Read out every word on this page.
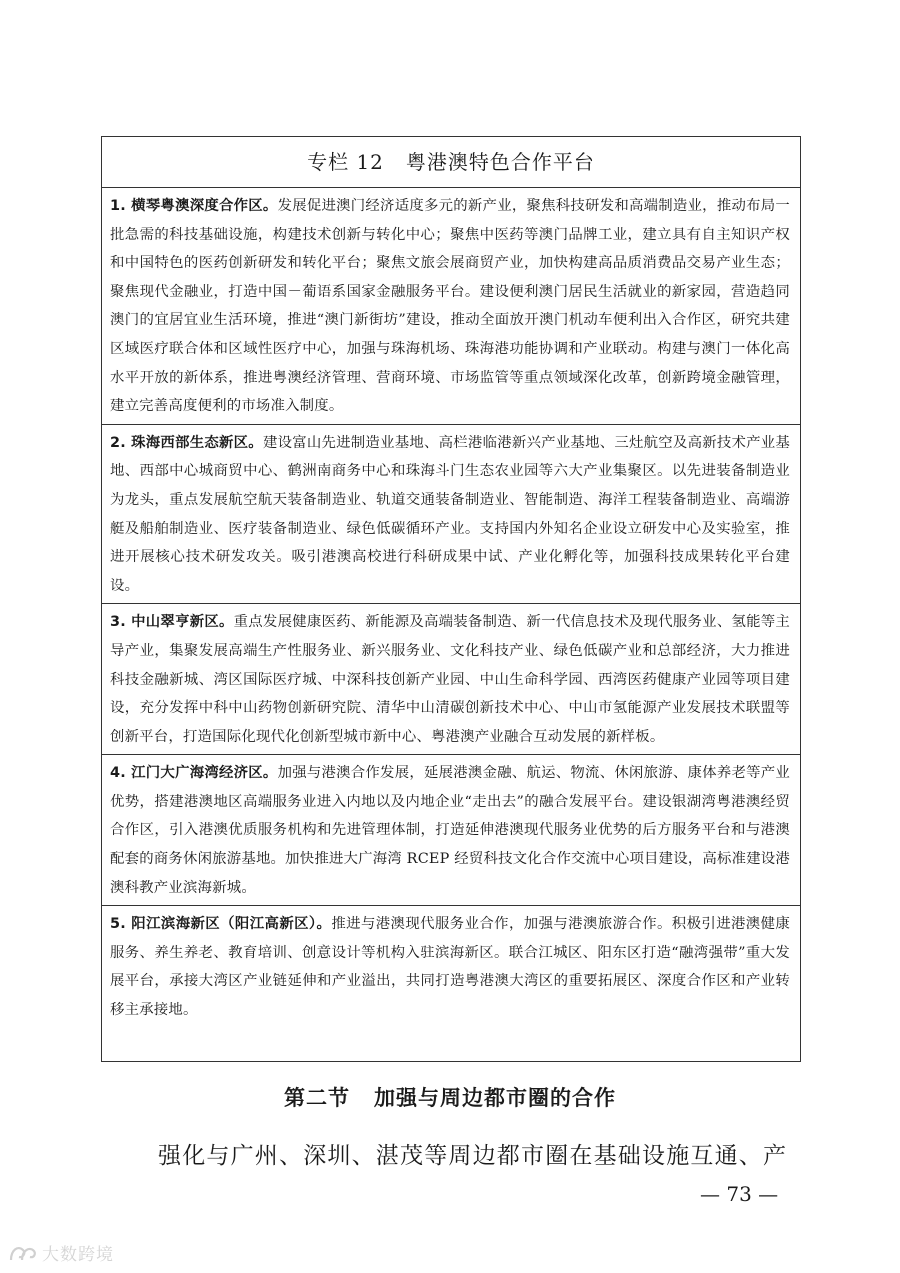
专栏 12 粤港澳特色合作平台
1. 横琴粤澳深度合作区。发展促进澳门经济适度多元的新产业，聚焦科技研发和高端制造业，推动布局一批急需的科技基础设施，构建技术创新与转化中心；聚焦中医药等澳门品牌工业，建立具有自主知识产权和中国特色的医药创新研发和转化平台；聚焦文旅会展商贸产业，加快构建高品质消费品交易产业生态；聚焦现代金融业，打造中国－葡语系国家金融服务平台。建设便利澳门居民生活就业的新家园，营造趋同澳门的宜居宜业生活环境，推进“澳门新街坊”建设，推动全面放开澳门机动车便利出入合作区，研究共建区域医疗联合体和区域性医疗中心，加强与珠海机场、珠海港功能协调和产业联动。构建与澳门一体化高水平开放的新体系，推进粤澳经济管理、营商环境、市场监管等重点领域深化改革，创新跨境金融管理，建立完善高度便利的市场准入制度。
2. 珠海西部生态新区。建设富山先进制造业基地、高栏港临港新兴产业基地、三灶航空及高新技术产业基地、西部中心城商贸中心、鹤洲南商务中心和珠海斗门生态农业园等六大产业集聚区。以先进装备制造业为龙头，重点发展航空航天装备制造业、轨道交通装备制造业、智能制造、海洋工程装备制造业、高端游艇及船舶制造业、医疗装备制造业、绿色低碳循环产业。支持国内外知名企业设立研发中心及实验室，推进开展核心技术研发攻关。吸引港澳高校进行科研成果中试、产业化孵化等，加强科技成果转化平台建设。
3. 中山翠亨新区。重点发展健康医药、新能源及高端装备制造、新一代信息技术及现代服务业、氢能等主导产业，集聚发展高端生产性服务业、新兴服务业、文化科技产业、绿色低碳产业和总部经济，大力推进科技金融新城、湾区国际医疗城、中深科技创新产业园、中山生命科学园、西湾医药健康产业园等项目建设，充分发挥中科中山药物创新研究院、清华中山清碳创新技术中心、中山市氢能源产业发展技术联盟等创新平台，打造国际化现代化创新型城市新中心、粤港澳产业融合互动发展的新样板。
4. 江门大广海湾经济区。加强与港澳合作发展，延展港澳金融、航运、物流、休闲旅游、康体养老等产业优势，搭建港澳地区高端服务业进入内地以及内地企业“走出去”的融合发展平台。建设银湖湾粤港澳经贸合作区，引入港澳优质服务机构和先进管理体制，打造延伸港澳现代服务业优势的后方服务平台和与港澳配套的商务休闲旅游基地。加快推进大广海湾 RCEP 经贸科技文化合作交流中心项目建设，高标准建设港澳科教产业滨海新城。
5. 阳江滨海新区（阳江高新区）。推进与港澳现代服务业合作，加强与港澳旅游合作。积极引进港澳健康服务、养生养老、教育培训、创意设计等机构入驻滨海新区。联合江城区、阳东区打造“融湾强带”重大发展平台，承接大湾区产业链延伸和产业溢出，共同打造粤港澳大湾区的重要拓展区、深度合作区和产业转移主承接地。
第二节 加强与周边都市圈的合作
强化与广州、深圳、湛茂等周边都市圈在基础设施互通、产
— 73 —
大数跨境
